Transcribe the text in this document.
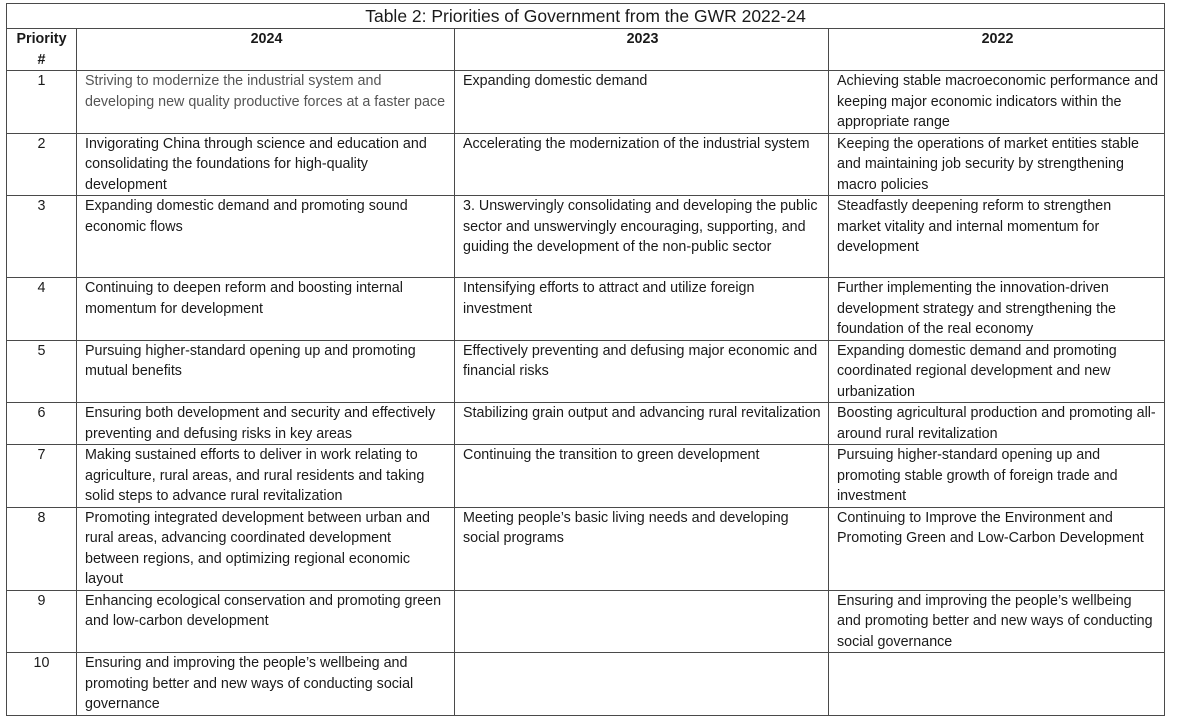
Table 2: Priorities of Government from the GWR 2022-24			
Priority #	2024	2023	2022
1	Striving to modernize the industrial system and developing new quality productive forces at a faster pace	Expanding domestic demand	Achieving stable macroeconomic performance and keeping major economic indicators within the appropriate range
2	Invigorating China through science and education and consolidating the foundations for high-quality development	Accelerating the modernization of the industrial system	Keeping the operations of market entities stable and maintaining job security by strengthening macro policies
3	Expanding domestic demand and promoting sound economic flows	3. Unswervingly consolidating and developing the public sector and unswervingly encouraging, supporting, and guiding the development of the non-public sector	Steadfastly deepening reform to strengthen market vitality and internal momentum for development
4	Continuing to deepen reform and boosting internal momentum for development	Intensifying efforts to attract and utilize foreign investment	Further implementing the innovation-driven development strategy and strengthening the foundation of the real economy
5	Pursuing higher-standard opening up and promoting mutual benefits	Effectively preventing and defusing major economic and financial risks	Expanding domestic demand and promoting coordinated regional development and new urbanization
6	Ensuring both development and security and effectively preventing and defusing risks in key areas	Stabilizing grain output and advancing rural revitalization	Boosting agricultural production and promoting all-around rural revitalization
7	Making sustained efforts to deliver in work relating to agriculture, rural areas, and rural residents and taking solid steps to advance rural revitalization	Continuing the transition to green development	Pursuing higher-standard opening up and promoting stable growth of foreign trade and investment
8	Promoting integrated development between urban and rural areas, advancing coordinated development between regions, and optimizing regional economic layout	Meeting people’s basic living needs and developing social programs	Continuing to Improve the Environment and Promoting Green and Low-Carbon Development
9	Enhancing ecological conservation and promoting green and low-carbon development		Ensuring and improving the people’s wellbeing and promoting better and new ways of conducting social governance
10	Ensuring and improving the people’s wellbeing and promoting better and new ways of conducting social governance		
